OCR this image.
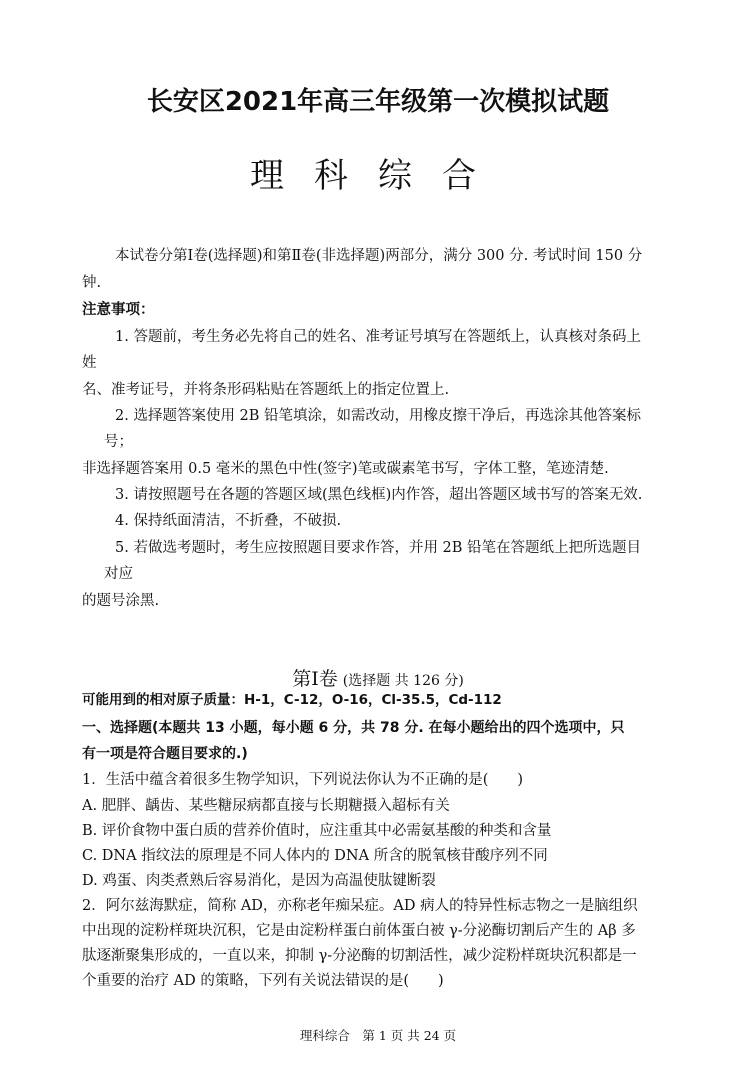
长安区2021年高三年级第一次模拟试题
理科综合
本试卷分第Ⅰ卷(选择题)和第Ⅱ卷(非选择题)两部分，满分 300 分. 考试时间 150 分
钟.
注意事项：
1. 答题前，考生务必先将自己的姓名、准考证号填写在答题纸上，认真核对条码上
姓
名、准考证号，并将条形码粘贴在答题纸上的指定位置上.
2. 选择题答案使用 2B 铅笔填涂，如需改动，用橡皮擦干净后，再选涂其他答案标
号；
非选择题答案用 0.5 毫米的黑色中性(签字)笔或碳素笔书写，字体工整，笔迹清楚.
3. 请按照题号在各题的答题区域(黑色线框)内作答，超出答题区域书写的答案无效.
4. 保持纸面清洁，不折叠，不破损.
5. 若做选考题时，考生应按照题目要求作答，并用 2B 铅笔在答题纸上把所选题目
对应
的题号涂黑.
第Ⅰ卷 (选择题 共 126 分)
可能用到的相对原子质量：H-1，C-12，O-16，Cl-35.5，Cd-112
一、选择题(本题共 13 小题，每小题 6 分，共 78 分. 在每小题给出的四个选项中，只
有一项是符合题目要求的.)
1．生活中蕴含着很多生物学知识，下列说法你认为不正确的是(　　)
A. 肥胖、龋齿、某些糖尿病都直接与长期糖摄入超标有关
B. 评价食物中蛋白质的营养价值时，应注重其中必需氨基酸的种类和含量
C. DNA 指纹法的原理是不同人体内的 DNA 所含的脱氧核苷酸序列不同
D. 鸡蛋、肉类煮熟后容易消化，是因为高温使肽键断裂
2．阿尔兹海默症，简称 AD，亦称老年痴呆症。AD 病人的特异性标志物之一是脑组织
中出现的淀粉样斑块沉积，它是由淀粉样蛋白前体蛋白被 γ-分泌酶切割后产生的 Aβ 多
肽逐渐聚集形成的，一直以来，抑制 γ-分泌酶的切割活性，减少淀粉样斑块沉积都是一
个重要的治疗 AD 的策略，下列有关说法错误的是(　　)
理科综合　第 1 页 共 24 页
